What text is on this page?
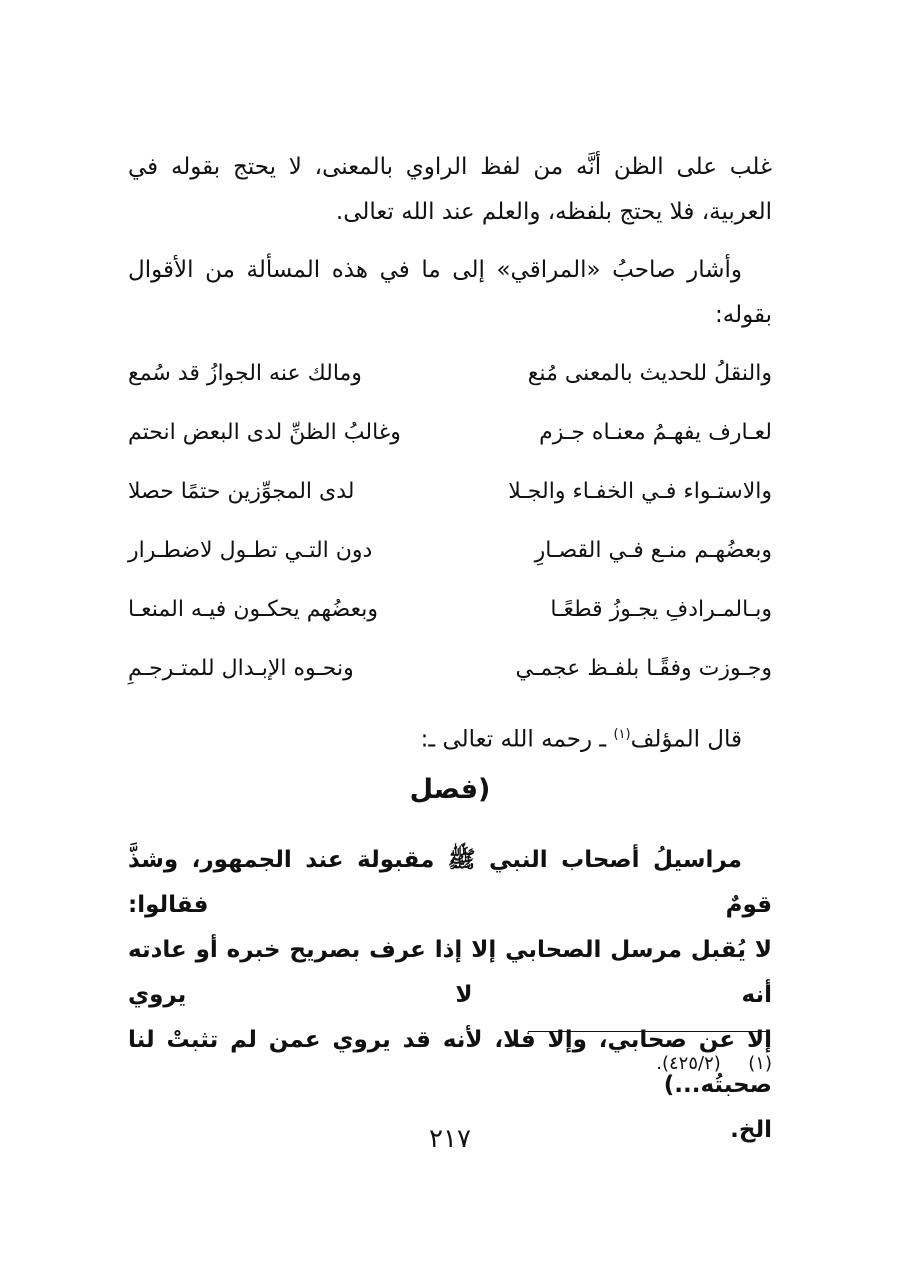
غلب على الظن أنَّه من لفظ الراوي بالمعنى، لا يحتج بقوله في
العربية، فلا يحتج بلفظه، والعلم عند الله تعالى.
وأشار صاحبُ «المراقي» إلى ما في هذه المسألة من الأقوال
بقوله:
والنقلُ للحديث بالمعنى مُنع
ومالك عنه الجوازُ قد سُمع
لعـارف يفهـمُ معنـاه جـزم
وغالبُ الظنِّ لدى البعض انحتم
والاستـواء فـي الخفـاء والجـلا
لدى المجوِّزين حتمًا حصلا
وبعضُهـم منـع فـي القصـارِ
دون التـي تطـول لاضطـرار
وبـالمـرادفِ يجـوزُ قطعًـا
وبعضُهم يحكـون فيـه المنعـا
وجـوزت وفقًـا بلفـظ عجمـي
ونحـوه الإبـدال للمتـرجـمِ
قال المؤلف$^{(١)}$ ـ رحمه الله تعالى ـ:
(فصل
مراسيلُ أصحاب النبي ﷺ مقبولة عند الجمهور، وشذَّ قومٌ فقالوا:
لا يُقبل مرسل الصحابي إلا إذا عرف بصريح خبره أو عادته أنه لا يروي
إلا عن صحابي، وإلا فلا، لأنه قد يروي عمن لم تثبتْ لنا صحبتُه...)
الخ.
(١)  (٤٢٥/٢).
٢١٧
